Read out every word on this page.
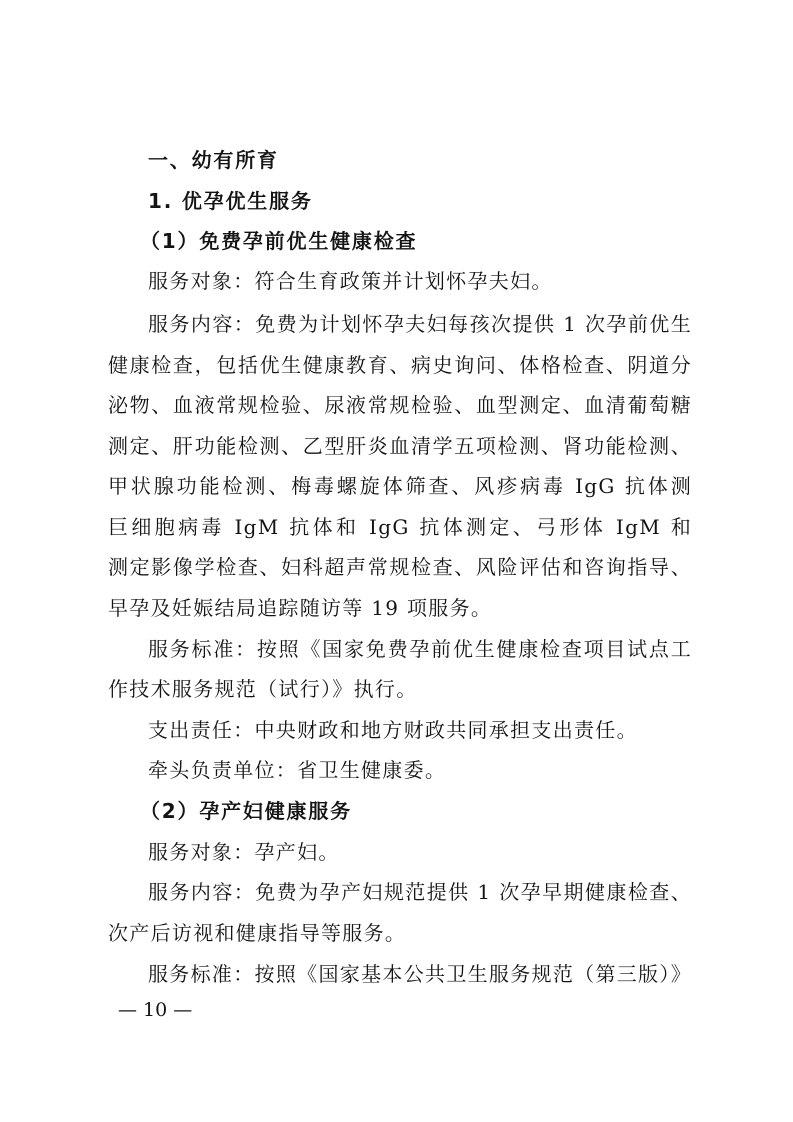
一、幼有所育
1. 优孕优生服务
（1）免费孕前优生健康检查
服务对象：符合生育政策并计划怀孕夫妇。
服务内容：免费为计划怀孕夫妇每孩次提供 1 次孕前优生
健康检查，包括优生健康教育、病史询问、体格检查、阴道分
泌物、血液常规检验、尿液常规检验、血型测定、血清葡萄糖
测定、肝功能检测、乙型肝炎血清学五项检测、肾功能检测、
甲状腺功能检测、梅毒螺旋体筛查、风疹病毒 IgG 抗体测
巨细胞病毒 IgM 抗体和 IgG 抗体测定、弓形体 IgM 和
测定影像学检查、妇科超声常规检查、风险评估和咨询指导、
早孕及妊娠结局追踪随访等 19 项服务。
服务标准：按照《国家免费孕前优生健康检查项目试点工
作技术服务规范（试行）》执行。
支出责任：中央财政和地方财政共同承担支出责任。
牵头负责单位：省卫生健康委。
（2）孕产妇健康服务
服务对象：孕产妇。
服务内容：免费为孕产妇规范提供 1 次孕早期健康检查、
次产后访视和健康指导等服务。
服务标准：按照《国家基本公共卫生服务规范（第三版）》
— 10 —
